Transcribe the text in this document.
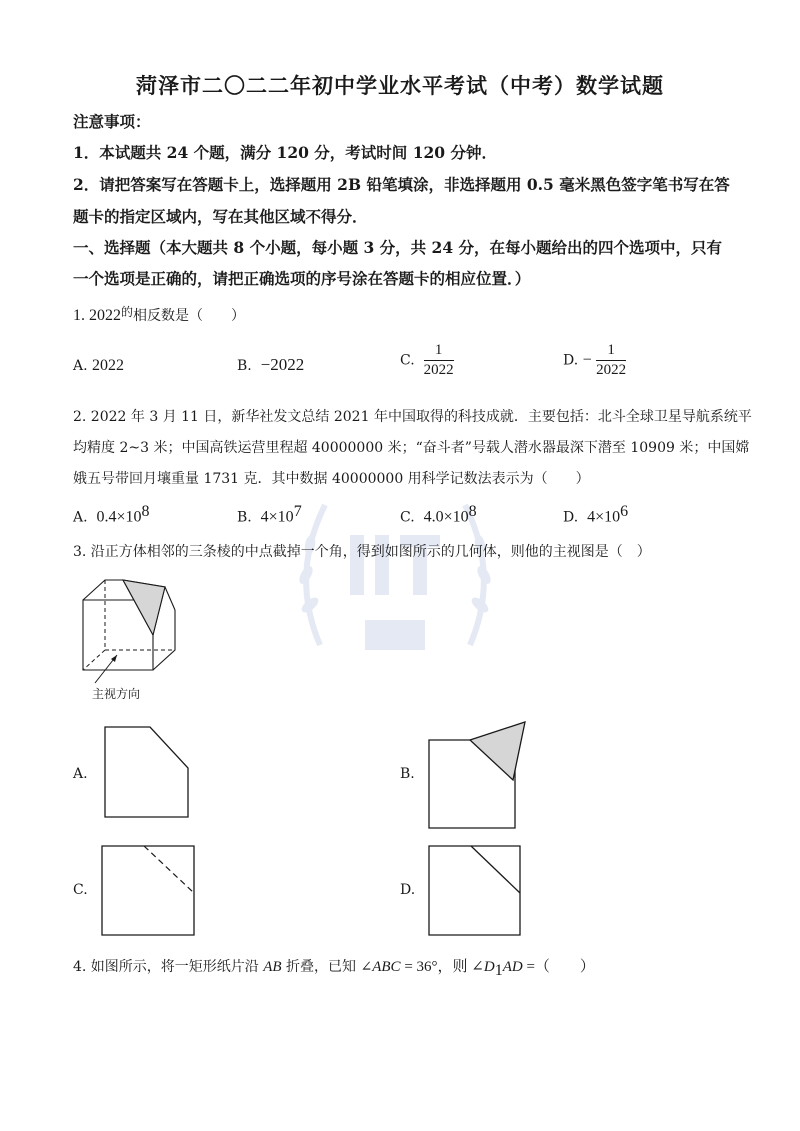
菏泽市二〇二二年初中学业水平考试（中考）数学试题
注意事项：
1．本试题共 24 个题，满分 120 分，考试时间 120 分钟．
2．请把答案写在答题卡上，选择题用 2B 铅笔填涂，非选择题用 0.5 毫米黑色签字笔书写在答
题卡的指定区域内，写在其他区域不得分．
一、选择题（本大题共 8 个小题，每小题 3 分，共 24 分，在每小题给出的四个选项中，只有
一个选项是正确的，请把正确选项的序号涂在答题卡的相应位置．）
1. 2022的相反数是（　　）
A. 2022	B. −2022	C. $\frac{1}{2022}$	D. − $\frac{1}{2022}$
2. 2022 年 3 月 11 日，新华社发文总结 2021 年中国取得的科技成就．主要包括：北斗全球卫星导航系统平
均精度 2~3 米；中国高铁运营里程超 40000000 米；“奋斗者”号载人潜水器最深下潜至 10909 米；中国嫦
娥五号带回月壤重量 1731 克．其中数据 40000000 用科学记数法表示为（　　）
A. $0.4\times 10^8$	B. $4\times 10^7$	C. $4.0\times 10^8$	D. $4\times 10^6$
3. 沿正方体相邻的三条棱的中点截掉一个角，得到如图所示的几何体，则他的主视图是（　）
主视方向
A.	B.
C.	D.
4. 如图所示，将一矩形纸片沿 AB 折叠，已知 ∠ABC = 36°，则 $\angle D_1AD$ =（　　）
